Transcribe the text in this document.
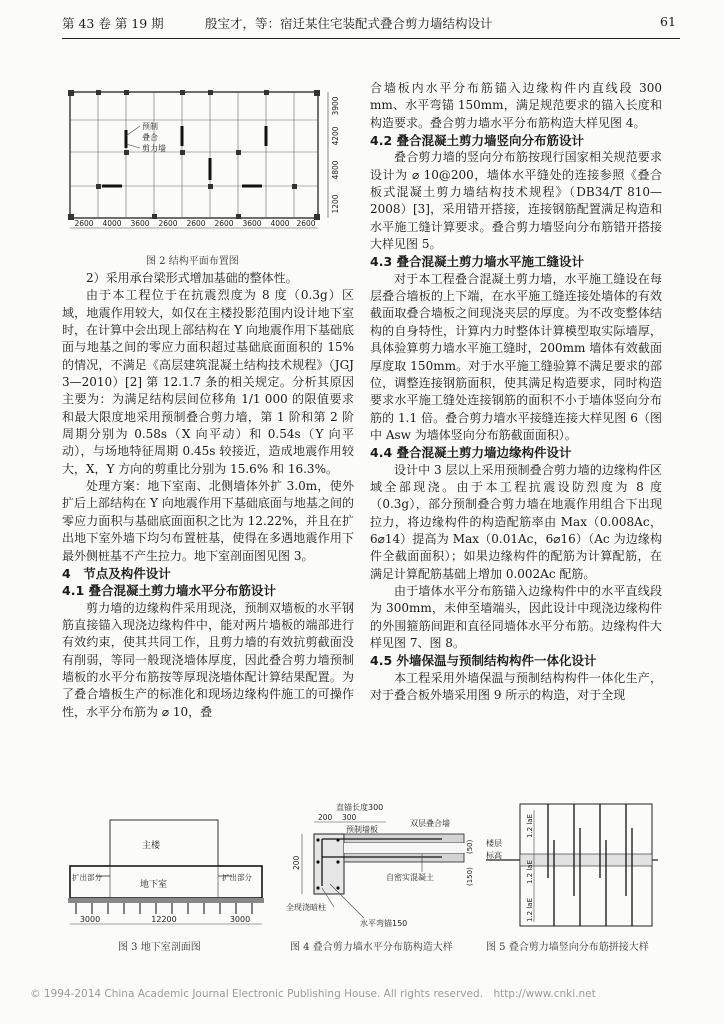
第 43 卷 第 19 期	殷宝才，等：宿迁某住宅装配式叠合剪力墙结构设计	61
预制
叠合
剪力墙
2600 4000 3600 2600 2600 2600 3600 4000 2600
3900
4200
4800
1200
图 2 结构平面布置图

2）采用承台梁形式增加基础的整体性。

由于本工程位于在抗震烈度为 8 度（0.3g）区域，地震作用较大，如仅在主楼投影范围内设计地下室时，在计算中会出现上部结构在 Y 向地震作用下基础底面与地基之间的零应力面积超过基础底面面积的 15% 的情况，不满足《高层建筑混凝土结构技术规程》（JGJ 3—2010）[2] 第 12.1.7 条的相关规定。分析其原因主要为：为满足结构层间位移角 1/1 000 的限值要求和最大限度地采用预制叠合剪力墙，第 1 阶和第 2 阶周期分别为 0.58s（X 向平动）和 0.54s（Y 向平动），与场地特征周期 0.45s 较接近，造成地震作用较大，X，Y 方向的剪重比分别为 15.6% 和 16.3%。

处理方案：地下室南、北侧墙体外扩 3.0m，使外扩后上部结构在 Y 向地震作用下基础底面与地基之间的零应力面积与基础底面面积之比为 12.22%，并且在扩出地下室外墙下均匀布置桩基，使得在多遇地震作用下最外侧桩基不产生拉力。地下室剖面图见图 3。

4　节点及构件设计
4.1 叠合混凝土剪力墙水平分布筋设计

剪力墙的边缘构件采用现浇，预制双墙板的水平钢筋直接锚入现浇边缘构件中，能对两片墙板的端部进行有效约束，使其共同工作，且剪力墙的有效抗剪截面没有削弱，等同一般现浇墙体厚度，因此叠合剪力墙预制墙板的水平分布筋按等厚现浇墙体配计算结果配置。为了叠合墙板生产的标准化和现场边缘构件施工的可操作性，水平分布筋为 ⌀ 10，叠

合墙板内水平分布筋锚入边缘构件内直线段 300 mm、水平弯锚 150mm，满足规范要求的锚入长度和构造要求。叠合剪力墙水平分布筋构造大样见图 4。

4.2 叠合混凝土剪力墙竖向分布筋设计

叠合剪力墙的竖向分布筋按现行国家相关规范要求设计为 ⌀ 10@200，墙体水平缝处的连接参照《叠合板式混凝土剪力墙结构技术规程》（DB34/T 810—2008）[3]，采用错开搭接，连接钢筋配置满足构造和水平施工缝计算要求。叠合剪力墙竖向分布筋错开搭接大样见图 5。

4.3 叠合混凝土剪力墙水平施工缝设计

对于本工程叠合混凝土剪力墙，水平施工缝设在每层叠合墙板的上下端，在水平施工缝连接处墙体的有效截面取叠合墙板之间现浇夹层的厚度。为不改变整体结构的自身特性，计算内力时整体计算模型取实际墙厚，具体验算剪力墙水平施工缝时，200mm 墙体有效截面厚度取 150mm。对于水平施工缝验算不满足要求的部位，调整连接钢筋面积，使其满足构造要求，同时构造要求水平施工缝处连接钢筋的面积不小于墙体竖向分布筋的 1.1 倍。叠合剪力墙水平接缝连接大样见图 6（图中 Asw 为墙体竖向分布筋截面面积）。

4.4 叠合混凝土剪力墙边缘构件设计

设计中 3 层以上采用预制叠合剪力墙的边缘构件区域全部现浇。由于本工程抗震设防烈度为 8 度（0.3g），部分预制叠合剪力墙在地震作用组合下出现拉力，将边缘构件的构造配筋率由 Max（0.008Ac，6⌀14）提高为 Max（0.01Ac，6⌀16）（Ac 为边缘构件全截面面积）；如果边缘构件的配筋为计算配筋，在满足计算配筋基础上增加 0.002Ac 配筋。

由于墙体水平分布筋锚入边缘构件中的水平直线段为 300mm，未伸至墙端头，因此设计中现浇边缘构件的外围箍筋间距和直径同墙体水平分布筋。边缘构件大样见图 7、图 8。

4.5 外墙保温与预制结构构件一体化设计

本工程采用外墙保温与预制结构构件一体化生产，对于叠合板外墙采用图 9 所示的构造，对于全现

主楼
地下室
扩出部分	扩出部分
3000	12200	3000
图 3 地下室剖面图
直锚长度300
200 300
预制墙板
双层叠合墙
200
(50)
(150)
自密实混凝土
全现浇暗柱
水平弯锚150
图 4 叠合剪力墙水平分布筋构造大样
楼层
标高
1.2 laE
1.2 laE
1.2 laE
图 5 叠合剪力墙竖向分布筋拼接大样
© 1994-2014 China Academic Journal Electronic Publishing House. All rights reserved.　http://www.cnki.net
